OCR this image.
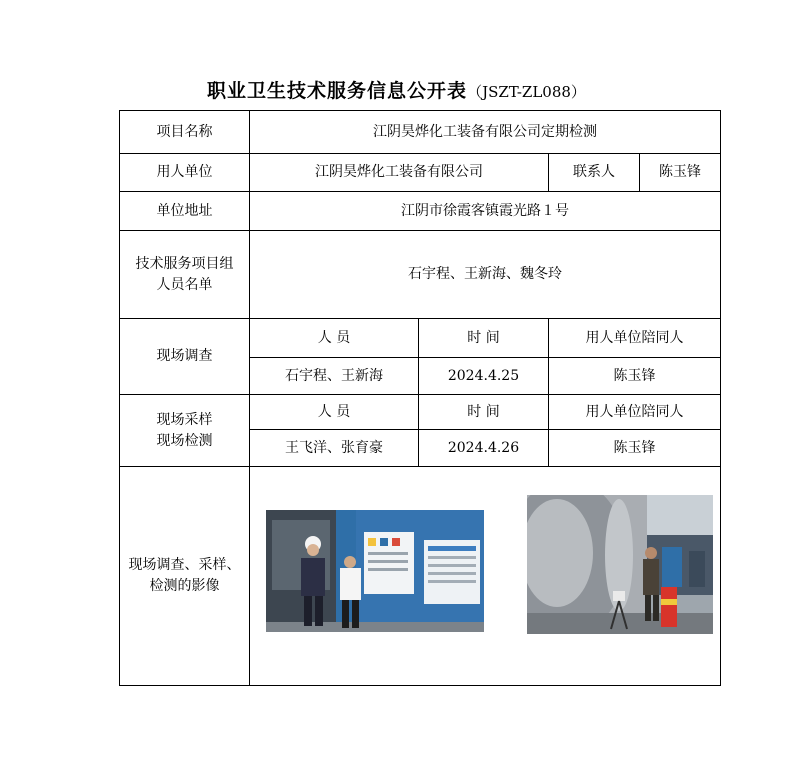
职业卫生技术服务信息公开表（JSZT-ZL088）
项目名称	江阴昊烨化工装备有限公司定期检测			
用人单位	江阴昊烨化工装备有限公司		联系人	陈玉锋
单位地址	江阴市徐霞客镇霞光路１号			

技术服务项目组
人员名单	石宇程、王新海、魏冬玲			
现场调查	人 员	时 间	用人单位陪同人	
	石宇程、王新海	2024.4.25	陈玉锋	

现场采样
现场检测	人 员	时 间	用人单位陪同人	
	王飞洋、张育豪	2024.4.26	陈玉锋	

现场调查、采样、
检测的影像
